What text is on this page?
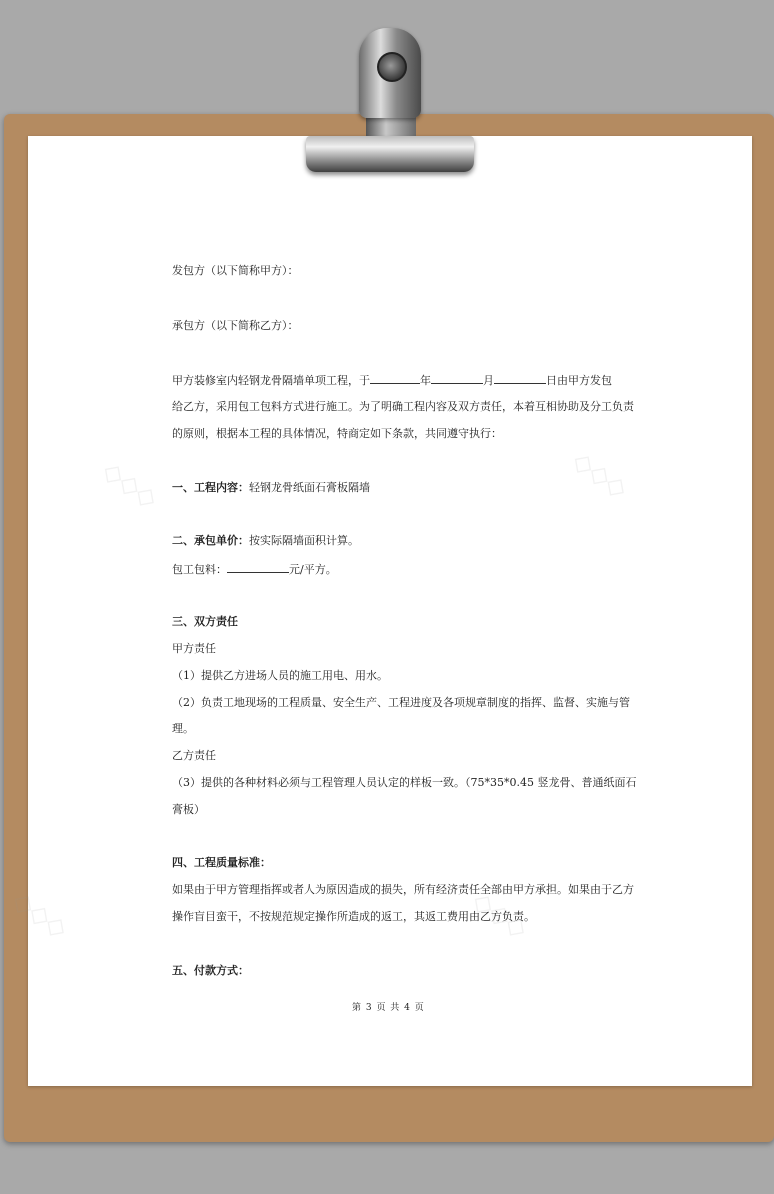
◇◇◇	◇◇◇
◇◇◇	◇◇◇
发包方（以下简称甲方）：
承包方（以下简称乙方）：
甲方装修室内轻钢龙骨隔墙单项工程，于	年	月	日由甲方发包
给乙方，采用包工包料方式进行施工。为了明确工程内容及双方责任，本着互相协助及分工负责
的原则，根据本工程的具体情况，特商定如下条款，共同遵守执行：
一、工程内容：轻钢龙骨纸面石膏板隔墙
二、承包单价：按实际隔墙面积计算。
包工包料：	元/平方。
三、双方责任
甲方责任
（1）提供乙方进场人员的施工用电、用水。
（2）负责工地现场的工程质量、安全生产、工程进度及各项规章制度的指挥、监督、实施与管
理。
乙方责任
（3）提供的各种材料必须与工程管理人员认定的样板一致。（75*35*0.45 竖龙骨、普通纸面石
膏板）
四、工程质量标准：
如果由于甲方管理指挥或者人为原因造成的损失，所有经济责任全部由甲方承担。如果由于乙方
操作盲目蛮干，不按规范规定操作所造成的返工，其返工费用由乙方负责。
五、付款方式：
第 3 页 共 4 页
